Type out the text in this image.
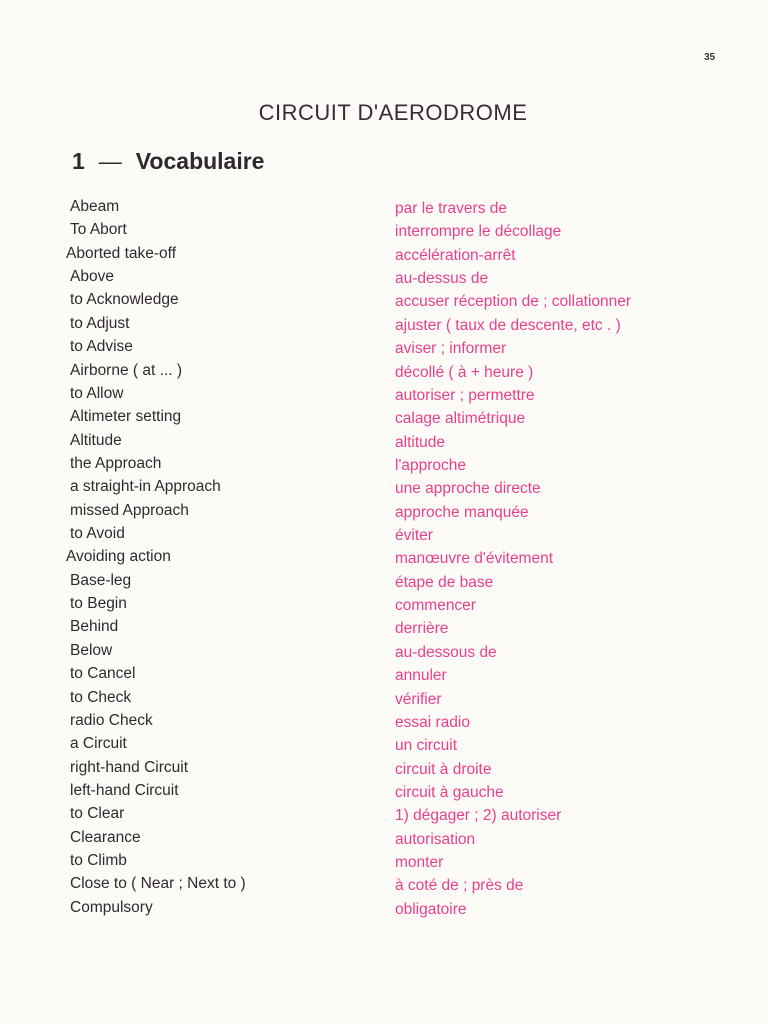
35
CIRCUIT D'AERODROME
1 — Vocabulaire
Abeam	par le travers de
To Abort	interrompre le décollage
Aborted take-off	accélération-arrêt
Above	au-dessus de
to Acknowledge	accuser réception de ; collationner
to Adjust	ajuster ( taux de descente, etc . )
to Advise	aviser ; informer
Airborne ( at ... )	décollé ( à + heure )
to Allow	autoriser ; permettre
Altimeter setting	calage altimétrique
Altitude	altitude
the Approach	l'approche
a straight-in Approach	une approche directe
missed Approach	approche manquée
to Avoid	éviter
Avoiding action	manœuvre d'évitement
Base-leg	étape de base
to Begin	commencer
Behind	derrière
Below	au-dessous de
to Cancel	annuler
to Check	vérifier
radio Check	essai radio
a Circuit	un circuit
right-hand Circuit	circuit à droite
left-hand Circuit	circuit à gauche
to Clear	1) dégager ; 2) autoriser
Clearance	autorisation
to Climb	monter
Close to ( Near ; Next to )	à coté de ; près de
Compulsory	obligatoire
